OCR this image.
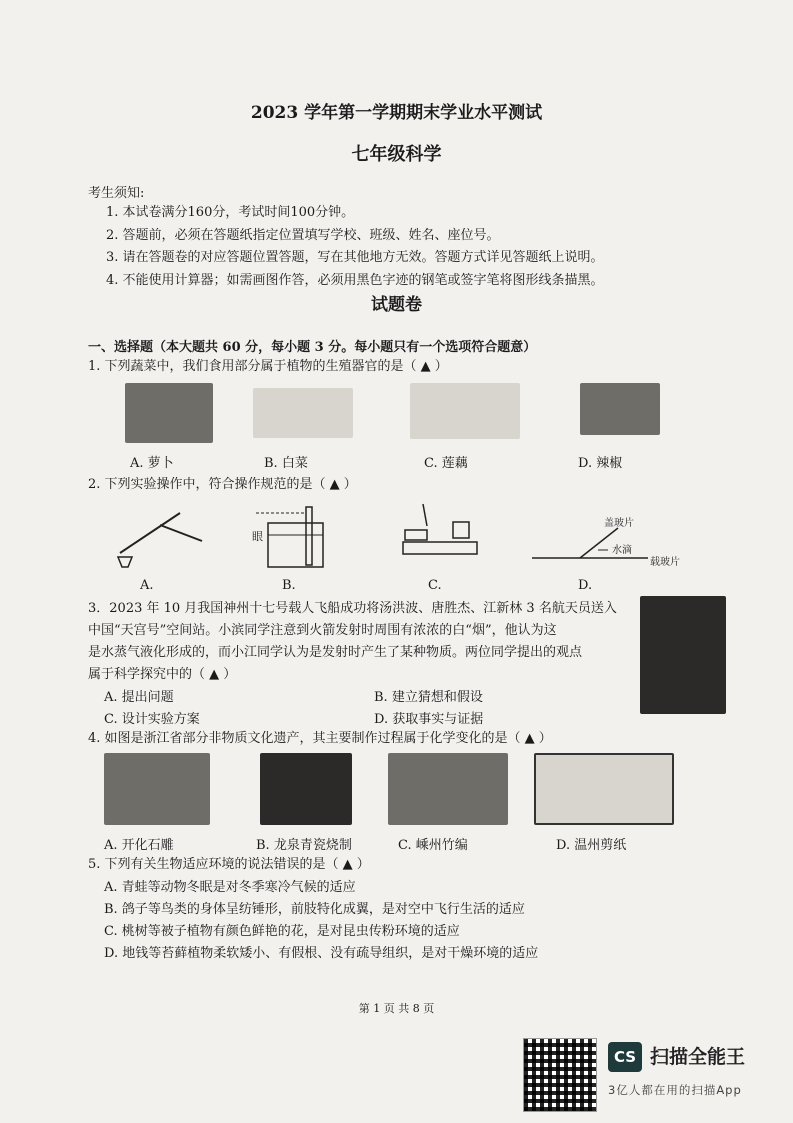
2023 学年第一学期期末学业水平测试
七年级科学
考生须知:
1. 本试卷满分160分，考试时间100分钟。
2. 答题前，必须在答题纸指定位置填写学校、班级、姓名、座位号。
3. 请在答题卷的对应答题位置答题，写在其他地方无效。答题方式详见答题纸上说明。
4. 不能使用计算器；如需画图作答，必须用黑色字迹的钢笔或签字笔将图形线条描黑。
试题卷
一、选择题（本大题共 60 分，每小题 3 分。每小题只有一个选项符合题意）
1. 下列蔬菜中，我们食用部分属于植物的生殖器官的是（ ▲ ）
A. 萝卜	B. 白菜	C. 莲藕	D. 辣椒
2. 下列实验操作中，符合操作规范的是（ ▲ ）
眼
盖玻片
水滴
载玻片
A.	B.	C.	D.
3．2023 年 10 月我国神州十七号载人飞船成功将汤洪波、唐胜杰、江新林 3 名航天员送入
中国“天宫号”空间站。小滨同学注意到火箭发射时周围有浓浓的白“烟”，他认为这
是水蒸气液化形成的，而小江同学认为是发射时产生了某种物质。两位同学提出的观点
属于科学探究中的（ ▲ ）
A. 提出问题	B. 建立猜想和假设
C. 设计实验方案	D. 获取事实与证据
4. 如图是浙江省部分非物质文化遗产，其主要制作过程属于化学变化的是（ ▲ ）
A. 开化石雕	B. 龙泉青瓷烧制	C. 嵊州竹编	D. 温州剪纸
5. 下列有关生物适应环境的说法错误的是（ ▲ ）
A. 青蛙等动物冬眠是对冬季寒冷气候的适应
B. 鸽子等鸟类的身体呈纺锤形，前肢特化成翼，是对空中飞行生活的适应
C. 桃树等被子植物有颜色鲜艳的花，是对昆虫传粉环境的适应
D. 地钱等苔藓植物柔软矮小、有假根、没有疏导组织，是对干燥环境的适应
第 1 页 共 8 页
CS 扫描全能王
3亿人都在用的扫描App
